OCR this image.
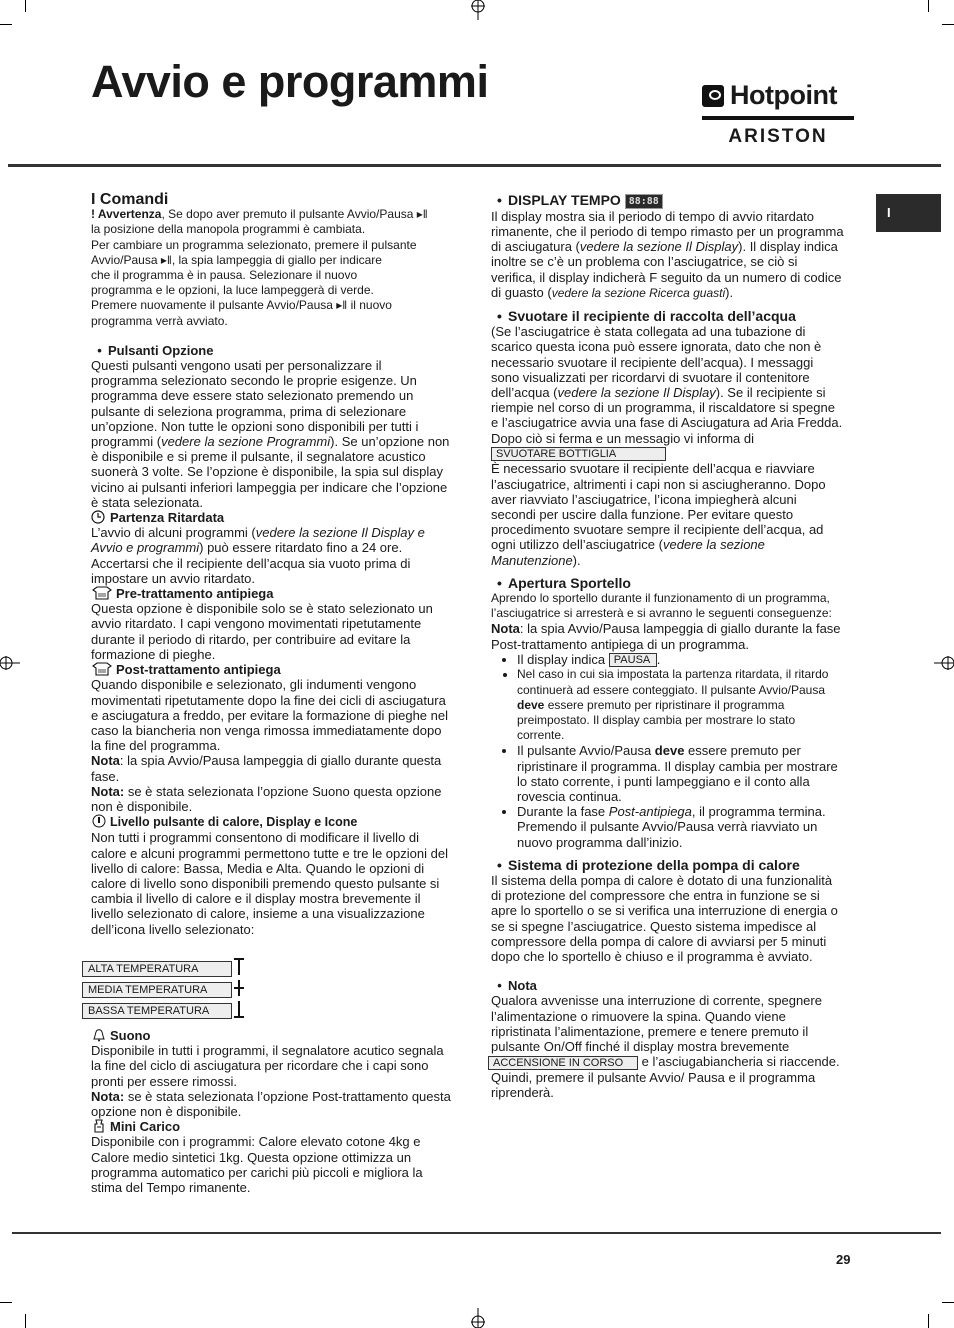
Avvio e programmi	Hotpoint
ARISTON
I

I Comandi

! Avvertenza, Se dopo aver premuto il pulsante Avvio/Pausa ▸‖

la posizione della manopola programmi è cambiata.

Per cambiare un programma selezionato, premere il pulsante

Avvio/Pausa ▸‖, la spia lampeggia di giallo per indicare

che il programma è in pausa. Selezionare il nuovo

programma e le opzioni, la luce lampeggerà di verde.

Premere nuovamente il pulsante Avvio/Pausa ▸‖ il nuovo

programma verrà avviato.

• Pulsanti Opzione

Questi pulsanti vengono usati per personalizzare il programma selezionato secondo le proprie esigenze. Un programma deve essere stato selezionato premendo un pulsante di seleziona programma, prima di selezionare un’opzione. Non tutte le opzioni sono disponibili per tutti i programmi (vedere la sezione Programmi). Se un’opzione non è disponibile e si preme il pulsante, il segnalatore acustico suonerà 3 volte. Se l’opzione è disponibile, la spia sul display vicino ai pulsanti inferiori lampeggia per indicare che l’opzione è stata selezionata.

Partenza Ritardata

L’avvio di alcuni programmi (vedere la sezione Il Display e Avvio e programmi) può essere ritardato fino a 24 ore. Accertarsi che il recipiente dell’acqua sia vuoto prima di impostare un avvio ritardato.

Pre-trattamento antipiega

Questa opzione è disponibile solo se è stato selezionato un avvio ritardato. I capi vengono movimentati ripetutamente durante il periodo di ritardo, per contribuire ad evitare la formazione di pieghe.

Post-trattamento antipiega

Quando disponibile e selezionato, gli indumenti vengono movimentati ripetutamente dopo la fine dei cicli di asciugatura e asciugatura a freddo, per evitare la formazione di pieghe nel caso la biancheria non venga rimossa immediatamente dopo la fine del programma.

Nota: la spia Avvio/Pausa lampeggia di giallo durante questa fase.

Nota: se è stata selezionata l’opzione Suono questa opzione non è disponibile.

Livello pulsante di calore, Display e Icone

Non tutti i programmi consentono di modificare il livello di calore e alcuni programmi permettono tutte e tre le opzioni del livello di calore: Bassa, Media e Alta. Quando le opzioni di calore di livello sono disponibili premendo questo pulsante si cambia il livello di calore e il display mostra brevemente il livello selezionato di calore, insieme a una visualizzazione dell’icona livello selezionato:

ALTA TEMPERATURA
MEDIA TEMPERATURA
BASSA TEMPERATURA

Suono

Disponibile in tutti i programmi, il segnalatore acutico segnala la fine del ciclo di asciugatura per ricordare che i capi sono pronti per essere rimossi.

Nota: se è stata selezionata l’opzione Post-trattamento questa opzione non è disponibile.

Mini Carico

Disponibile con i programmi: Calore elevato cotone 4kg e Calore medio sintetici 1kg. Questa opzione ottimizza un programma automatico per carichi più piccoli e migliora la stima del Tempo rimanente.

• DISPLAY TEMPO 88:88

Il display mostra sia il periodo di tempo di avvio ritardato rimanente, che il periodo di tempo rimasto per un programma di asciugatura (vedere la sezione Il Display). Il display indica inoltre se c’è un problema con l’asciugatrice, se ciò si verifica, il display indicherà F seguito da un numero di codice di guasto (vedere la sezione Ricerca guasti).

• Svuotare il recipiente di raccolta dell’acqua

(Se l’asciugatrice è stata collegata ad una tubazione di scarico questa icona può essere ignorata, dato che non è necessario svuotare il recipiente dell’acqua). I messaggi sono visualizzati per ricordarvi di svuotare il contenitore dell’acqua (vedere la sezione Il Display). Se il recipiente si riempie nel corso di un programma, il riscaldatore si spegne e l’asciugatrice avvia una fase di Asciugatura ad Aria Fredda. Dopo ciò si ferma e un messagio vi informa di SVUOTARE BOTTIGLIA

È necessario svuotare il recipiente dell’acqua e riavviare l’asciugatrice, altrimenti i capi non si asciugheranno. Dopo aver riavviato l’asciugatrice, l’icona impiegherà alcuni secondi per uscire dalla funzione. Per evitare questo procedimento svuotare sempre il recipiente dell’acqua, ad ogni utilizzo dell’asciugatrice (vedere la sezione Manutenzione).

• Apertura Sportello

Aprendo lo sportello durante il funzionamento di un programma, l’asciugatrice si arresterà e si avranno le seguenti conseguenze:

Nota: la spia Avvio/Pausa lampeggia di giallo durante la fase Post-trattamento antipiega di un programma.

• Il display indica PAUSA .
• Nel caso in cui sia impostata la partenza ritardata, il ritardo continuerà ad essere conteggiato. Il pulsante Avvio/Pausa deve essere premuto per ripristinare il programma preimpostato. Il display cambia per mostrare lo stato corrente.
• Il pulsante Avvio/Pausa deve essere premuto per ripristinare il programma. Il display cambia per mostrare lo stato corrente, i punti lampeggiano e il conto alla rovescia continua.
• Durante la fase Post-antipiega, il programma termina. Premendo il pulsante Avvio/Pausa verrà riavviato un nuovo programma dall’inizio.

• Sistema di protezione della pompa di calore

Il sistema della pompa di calore è dotato di una funzionalità di protezione del compressore che entra in funzione se si apre lo sportello o se si verifica una interruzione di energia o se si spegne l’asciugatrice. Questo sistema impedisce al compressore della pompa di calore di avviarsi per 5 minuti dopo che lo sportello è chiuso e il programma è avviato.

• Nota

Qualora avvenisse una interruzione di corrente, spegnere l’alimentazione o rimuovere la spina. Quando viene ripristinata l’alimentazione, premere e tenere premuto il pulsante On/Off finché il display mostra brevemente

ACCENSIONE IN CORSO e l’asciugabiancheria si riaccende. Quindi, premere il pulsante Avvio/ Pausa e il programma riprenderà.

29
